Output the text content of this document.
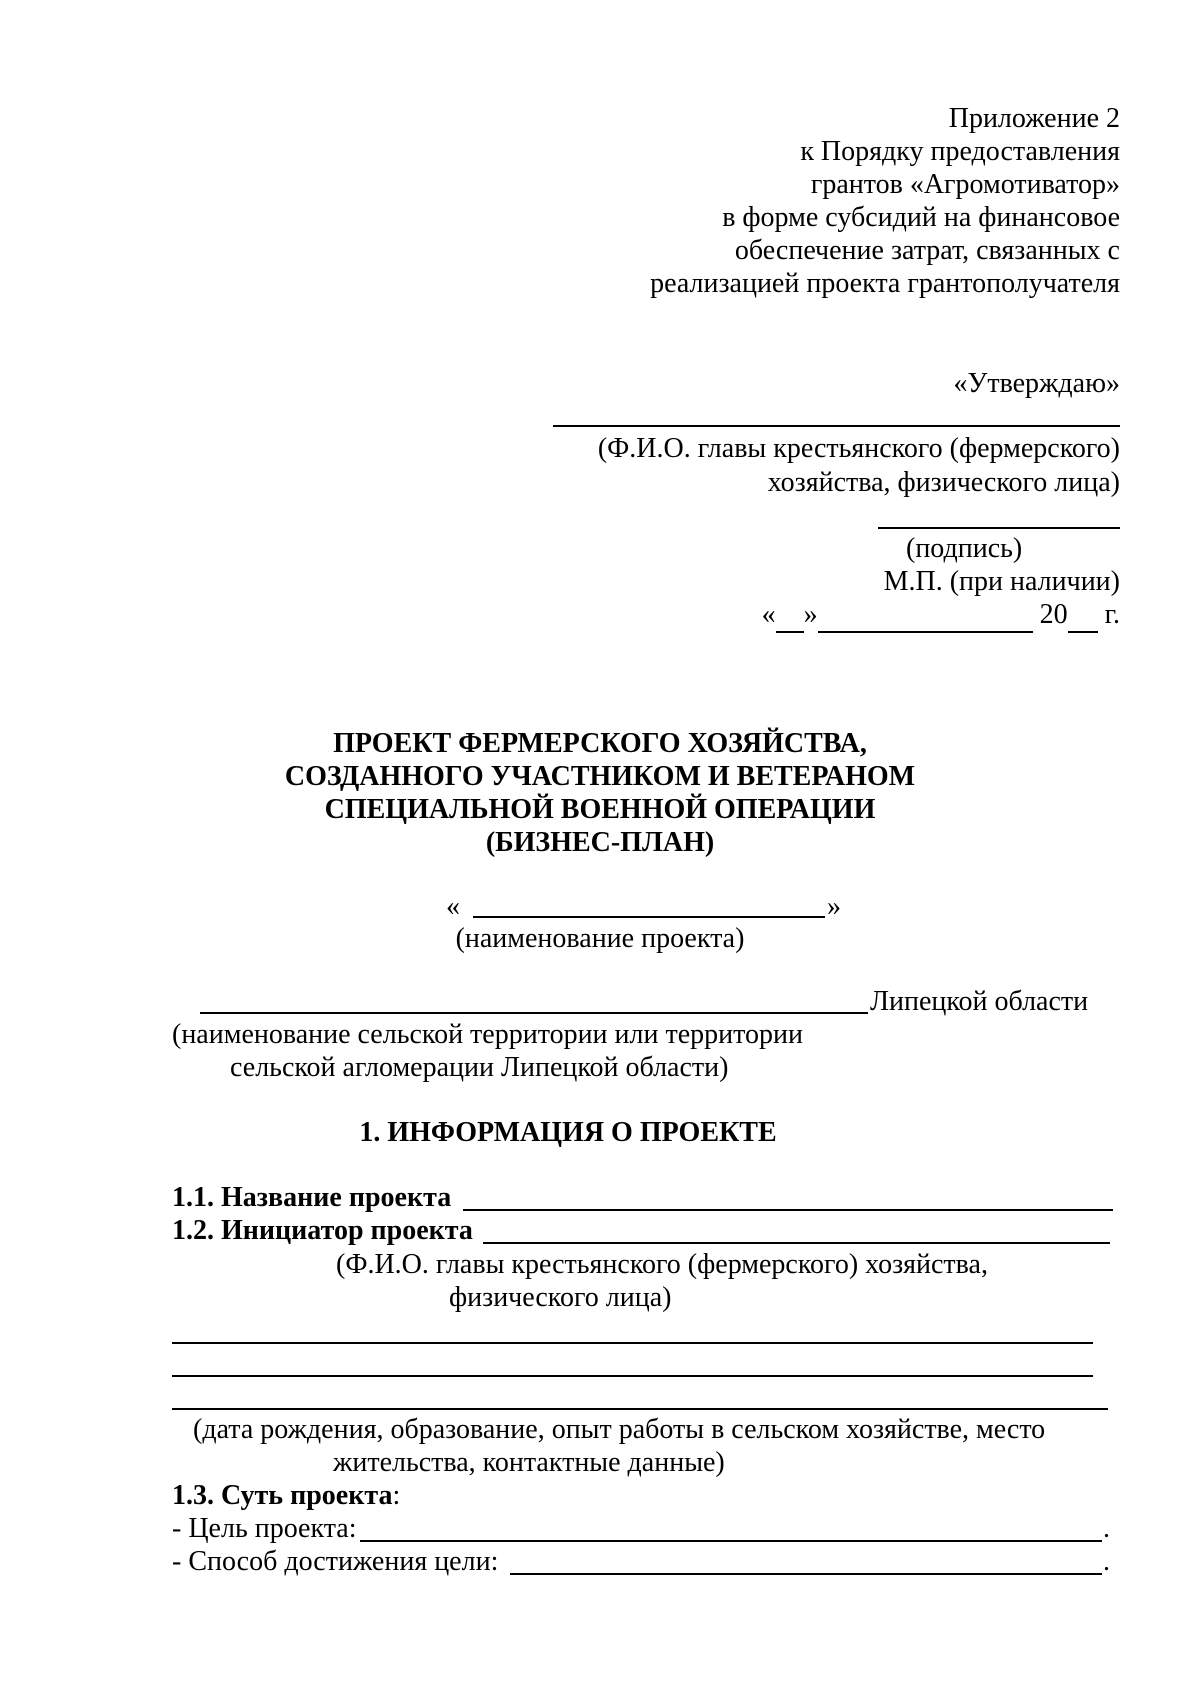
Приложение 2
к Порядку предоставления
грантов «Агромотиватор»
в форме субсидий на финансовое
обеспечение затрат, связанных с
реализацией проекта грантополучателя
«Утверждаю»
(Ф.И.О. главы крестьянского (фермерского)
хозяйства, физического лица)
(подпись)
М.П. (при наличии)
« »	20  г.
ПРОЕКТ ФЕРМЕРСКОГО ХОЗЯЙСТВА,
СОЗДАННОГО УЧАСТНИКОМ И ВЕТЕРАНОМ
СПЕЦИАЛЬНОЙ ВОЕННОЙ ОПЕРАЦИИ
(БИЗНЕС-ПЛАН)
«	»
(наименование проекта)
Липецкой области
(наименование сельской территории или территории
сельской агломерации Липецкой области)
1. ИНФОРМАЦИЯ О ПРОЕКТЕ
1.1. Название проекта
1.2. Инициатор проекта
(Ф.И.О. главы крестьянского (фермерского) хозяйства,
физического лица)
(дата рождения, образование, опыт работы в сельском хозяйстве, место
жительства, контактные данные)
1.3. Суть проекта:
- Цель проекта:	.
- Способ достижения цели:	.
